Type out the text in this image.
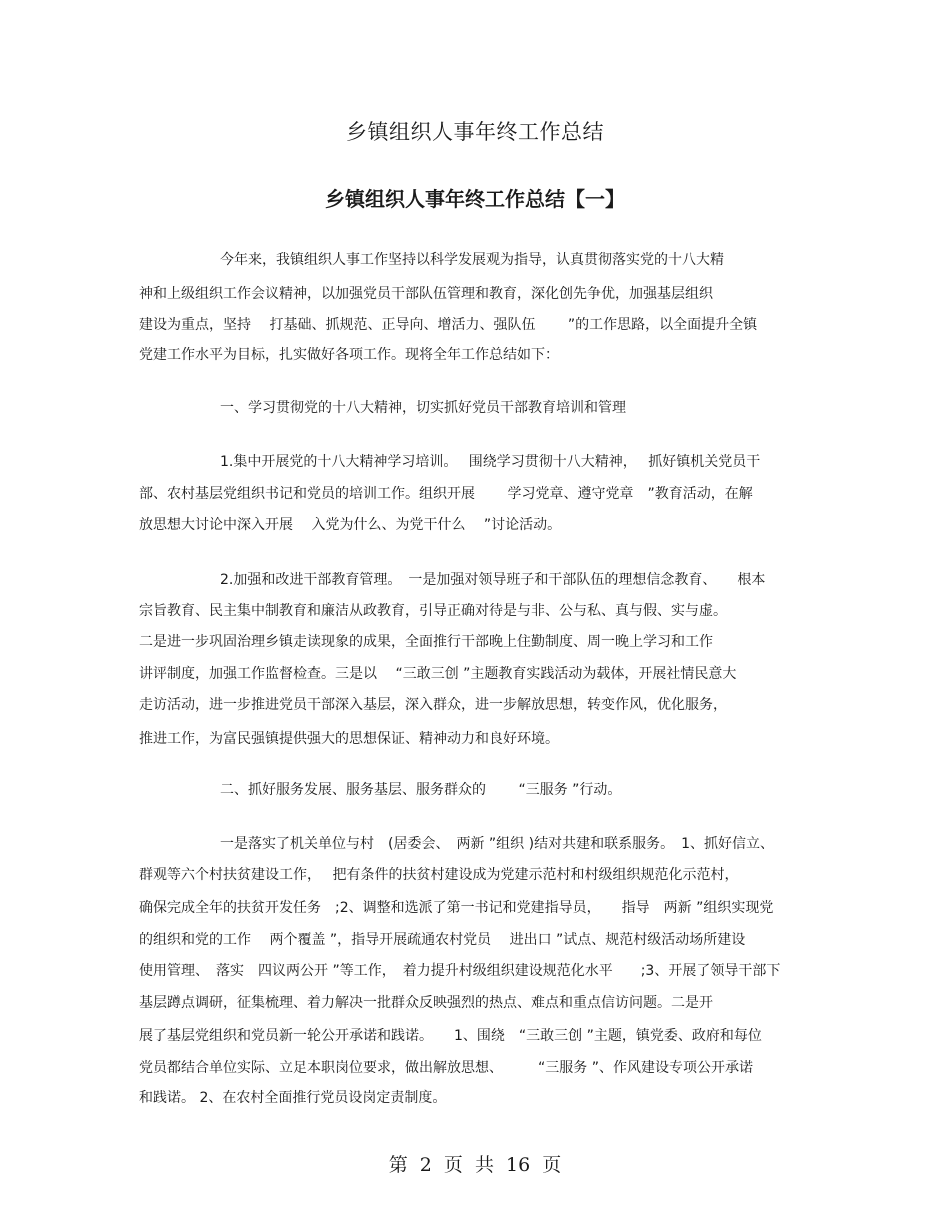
乡镇组织人事年终工作总结
乡镇组织人事年终工作总结【一】
今年来，我镇组织人事工作坚持以科学发展观为指导，认真贯彻落实党的十八大精
神和上级组织工作会议精神，以加强党员干部队伍管理和教育，深化创先争优，加强基层组织
建设为重点，坚持　 打基础、抓规范、正导向、增活力、强队伍　　 ”的工作思路，以全面提升全镇
党建工作水平为目标，扎实做好各项工作。现将全年工作总结如下：
一、学习贯彻党的十八大精神，切实抓好党员干部教育培训和管理
1.集中开展党的十八大精神学习培训。　 围绕学习贯彻十八大精神，　 抓好镇机关党员干
部、农村基层党组织书记和党员的培训工作。组织开展　　 学习党章、遵守党章　”教育活动，在解
放思想大讨论中深入开展　 入党为什么、为党干什么　 ”讨论活动。
2.加强和改进干部教育管理。　一是加强对领导班子和干部队伍的理想信念教育、　　根本
宗旨教育、民主集中制教育和廉洁从政教育，引导正确对待是与非、公与私、真与假、实与虚。
二是进一步巩固治理乡镇走读现象的成果，全面推行干部晚上住勤制度、周一晚上学习和工作
讲评制度，加强工作监督检查。三是以　 “三敢三创 ”主题教育实践活动为载体，开展社情民意大
走访活动，进一步推进党员干部深入基层，深入群众，进一步解放思想，转变作风，优化服务，
推进工作，为富民强镇提供强大的思想保证、精神动力和良好环境。
二、抓好服务发展、服务基层、服务群众的　　 “三服务 ”行动。
一是落实了机关单位与村　(居委会、　两新 ”组织 )结对共建和联系服务。　1、抓好信立、
群观等六个村扶贫建设工作，　 把有条件的扶贫村建设成为党建示范村和村级组织规范化示范村，
确保完成全年的扶贫开发任务　;2、调整和选派了第一书记和党建指导员，　　指导　两新 ”组织实现党
的组织和党的工作　 两个覆盖 ”，指导开展疏通农村党员　 进出口 ”试点、规范村级活动场所建设
使用管理、　落实　四议两公开 ”等工作，　着力提升村级组织建设规范化水平　　;3、开展了领导干部下
基层蹲点调研，征集梳理、着力解决一批群众反映强烈的热点、难点和重点信访问题。二是开
展了基层党组织和党员新一轮公开承诺和践诺。　　1、围绕　“三敢三创 ”主题，镇党委、政府和每位
党员都结合单位实际、立足本职岗位要求，做出解放思想、　　　“三服务 ”、作风建设专项公开承诺
和践诺。 2、在农村全面推行党员设岗定责制度。
第 2 页 共 16 页
